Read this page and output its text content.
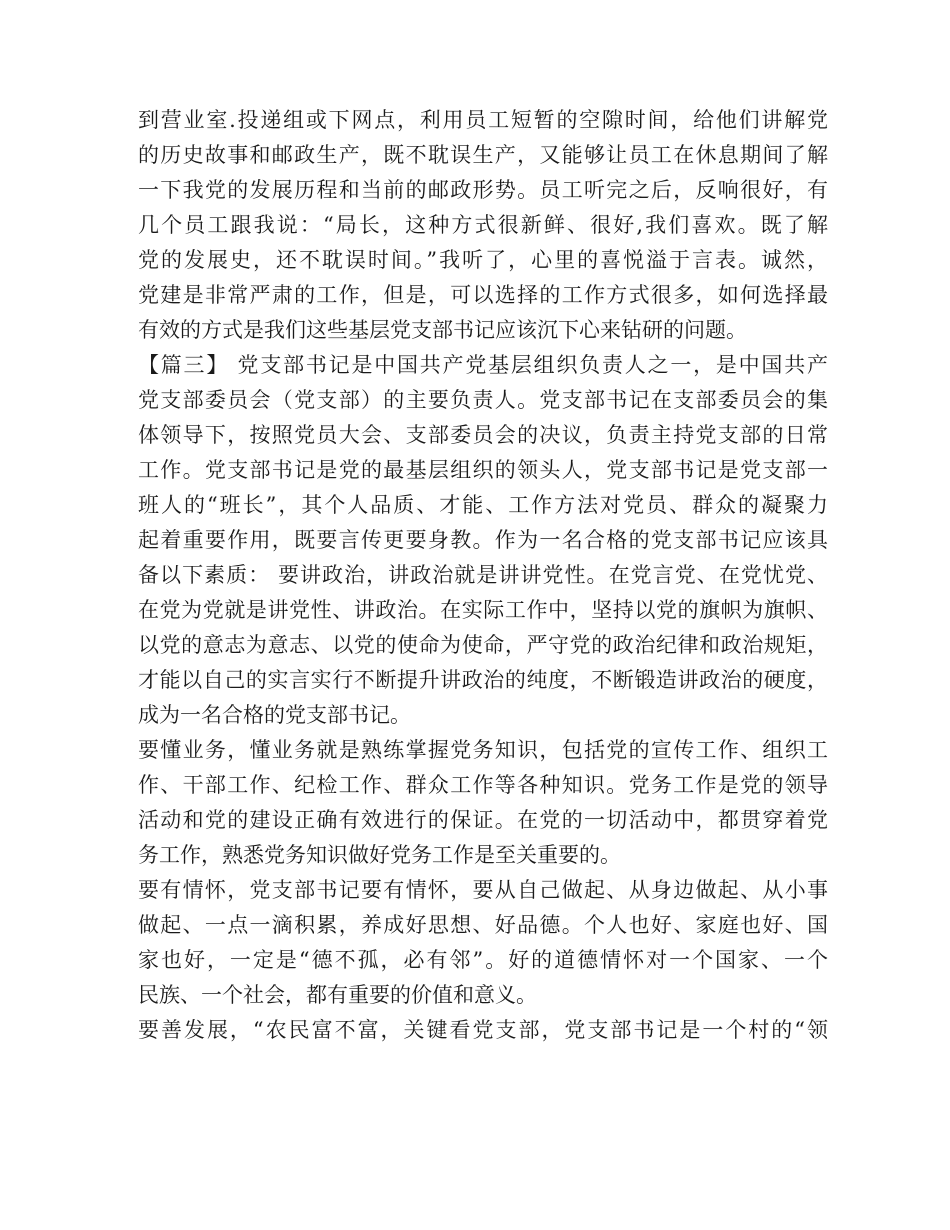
到营业室.投递组或下网点，利用员工短暂的空隙时间，给他们讲解党
的历史故事和邮政生产，既不耽误生产，又能够让员工在休息期间了解
一下我党的发展历程和当前的邮政形势。员工听完之后，反响很好，有
几个员工跟我说：“局长，这种方式很新鲜、很好,我们喜欢。既了解
党的发展史，还不耽误时间。”我听了，心里的喜悦溢于言表。诚然，
党建是非常严肃的工作，但是，可以选择的工作方式很多，如何选择最
有效的方式是我们这些基层党支部书记应该沉下心来钻研的问题。
【篇三】 党支部书记是中国共产党基层组织负责人之一，是中国共产
党支部委员会（党支部）的主要负责人。党支部书记在支部委员会的集
体领导下，按照党员大会、支部委员会的决议，负责主持党支部的日常
工作。党支部书记是党的最基层组织的领头人，党支部书记是党支部一
班人的“班长”，其个人品质、才能、工作方法对党员、群众的凝聚力
起着重要作用，既要言传更要身教。作为一名合格的党支部书记应该具
备以下素质： 要讲政治，讲政治就是讲讲党性。在党言党、在党忧党、
在党为党就是讲党性、讲政治。在实际工作中，坚持以党的旗帜为旗帜、
以党的意志为意志、以党的使命为使命，严守党的政治纪律和政治规矩，
才能以自己的实言实行不断提升讲政治的纯度，不断锻造讲政治的硬度，
成为一名合格的党支部书记。
要懂业务，懂业务就是熟练掌握党务知识，包括党的宣传工作、组织工
作、干部工作、纪检工作、群众工作等各种知识。党务工作是党的领导
活动和党的建设正确有效进行的保证。在党的一切活动中，都贯穿着党
务工作，熟悉党务知识做好党务工作是至关重要的。
要有情怀，党支部书记要有情怀，要从自己做起、从身边做起、从小事
做起、一点一滴积累，养成好思想、好品德。个人也好、家庭也好、国
家也好，一定是“德不孤，必有邻”。好的道德情怀对一个国家、一个
民族、一个社会，都有重要的价值和意义。
要善发展，“农民富不富，关键看党支部，党支部书记是一个村的“领
